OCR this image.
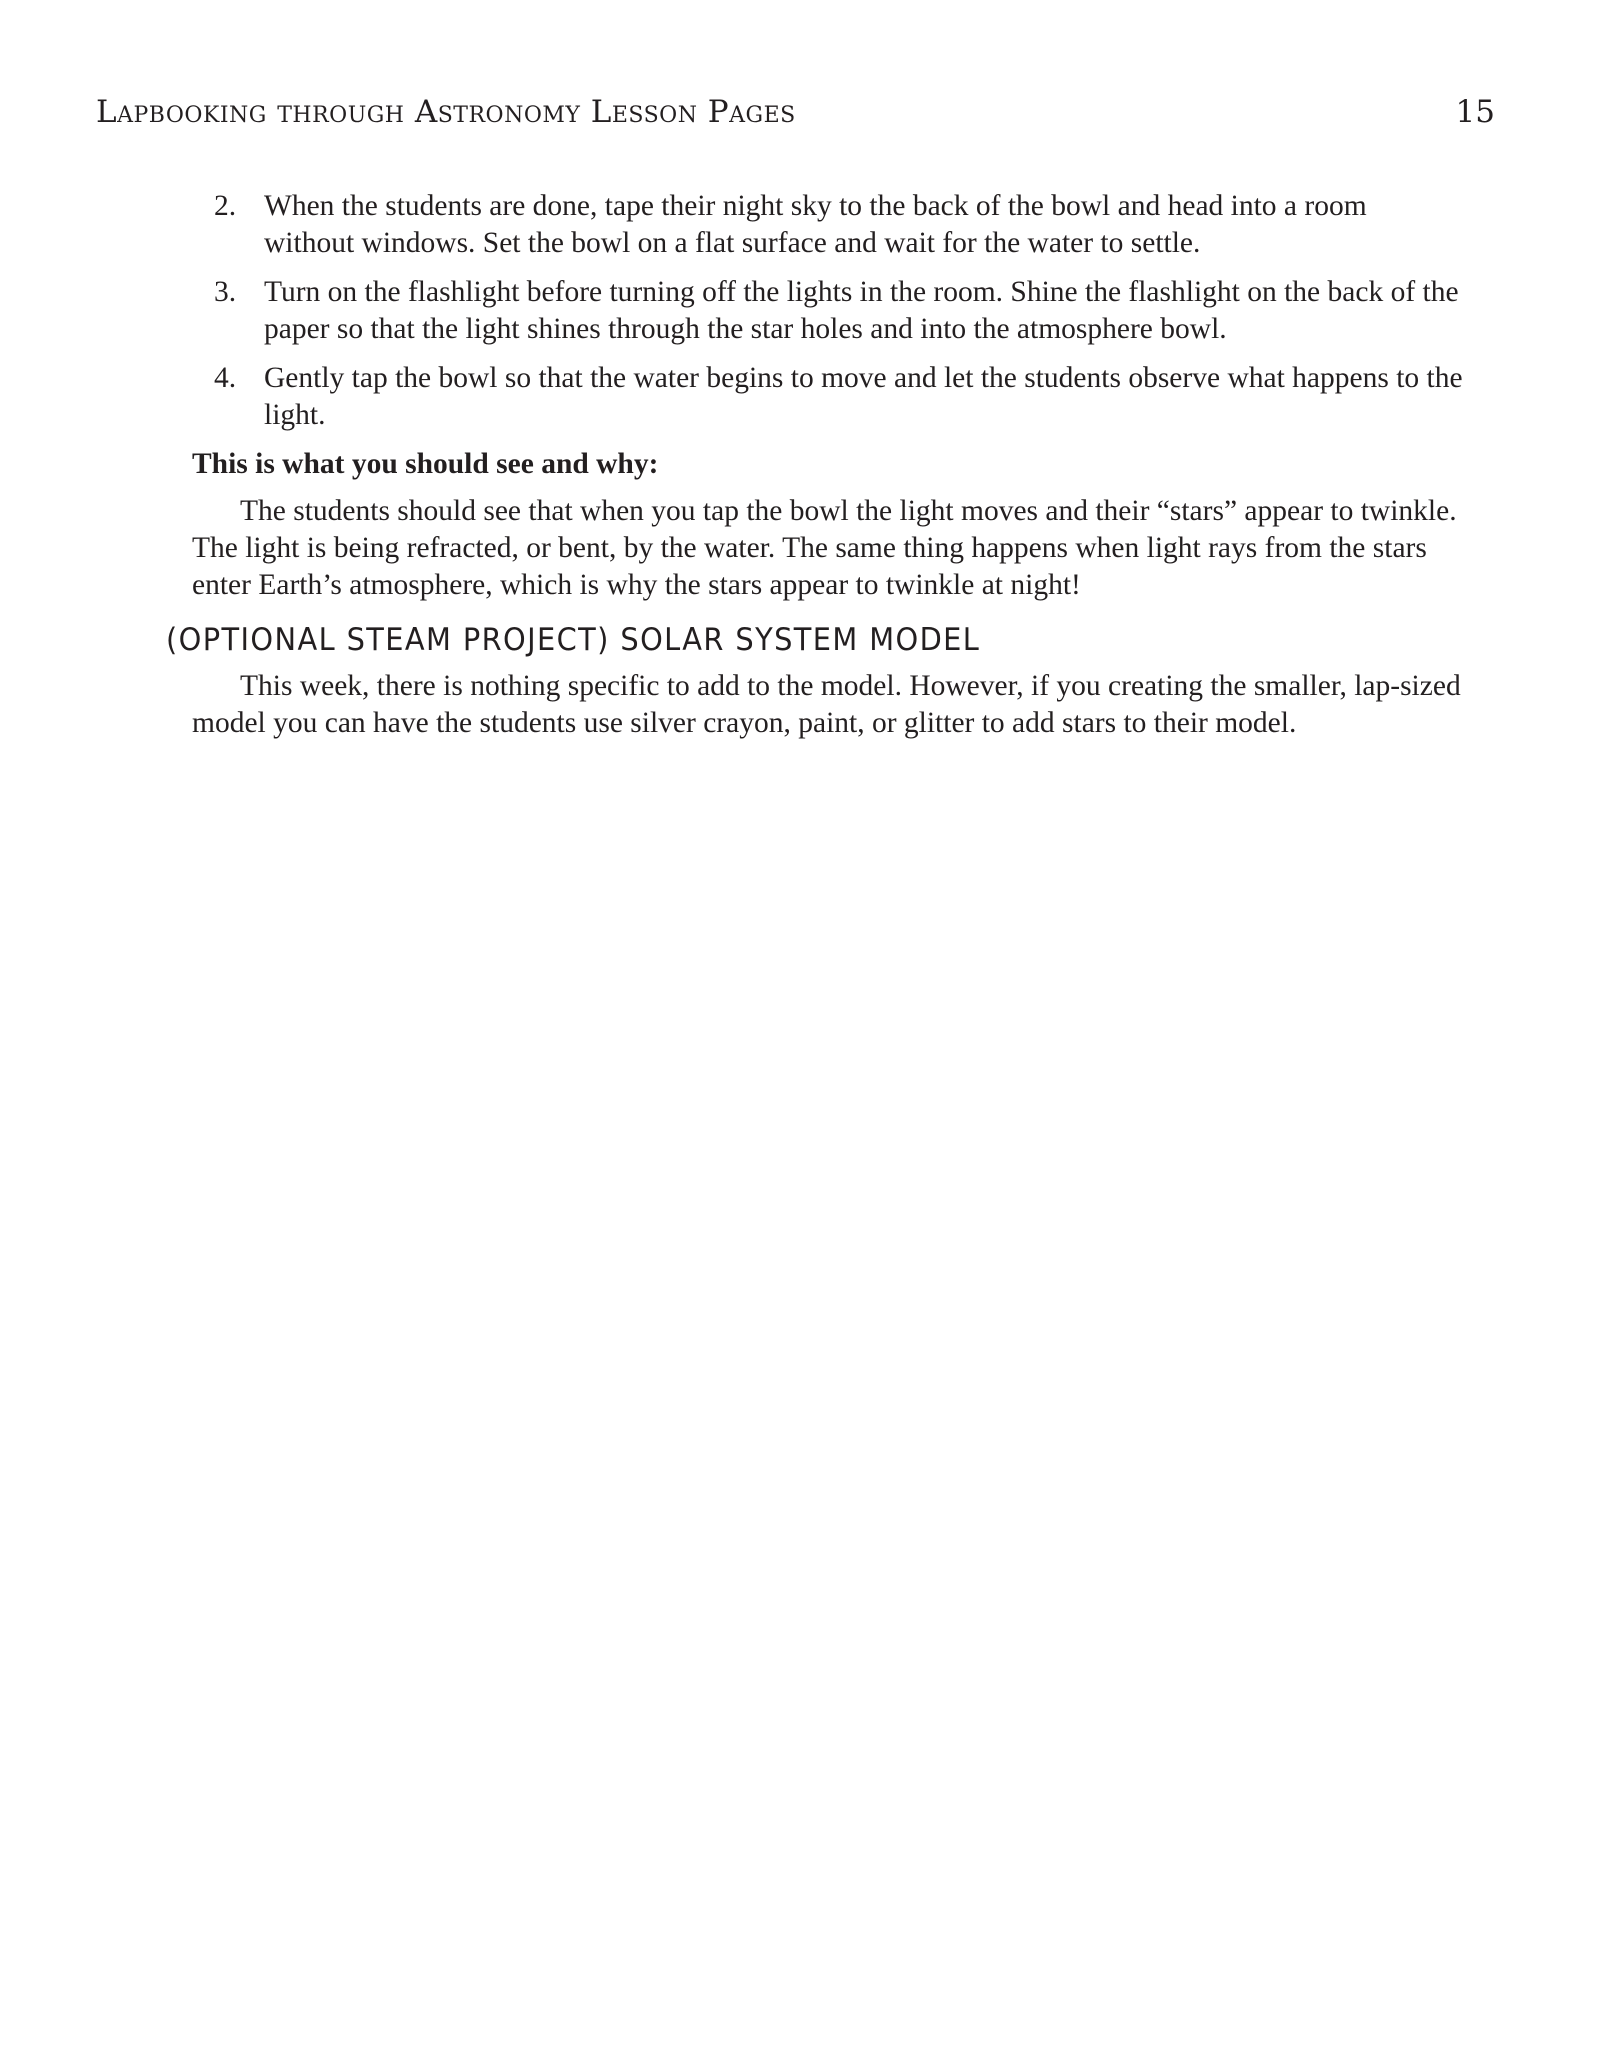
Lapbooking through Astronomy Lesson Pages	15
2. When the students are done, tape their night sky to the back of the bowl and head into a room without windows. Set the bowl on a flat surface and wait for the water to settle.
3. Turn on the flashlight before turning off the lights in the room. Shine the flashlight on the back of the paper so that the light shines through the star holes and into the atmosphere bowl.
4. Gently tap the bowl so that the water begins to move and let the students observe what happens to the light.
This is what you should see and why:

The students should see that when you tap the bowl the light moves and their “stars” appear to twinkle. The light is being refracted, or bent, by the water. The same thing happens when light rays from the stars enter Earth’s atmosphere, which is why the stars appear to twinkle at night!

(OPTIONAL STEAM PROJECT) SOLAR SYSTEM MODEL

This week, there is nothing specific to add to the model. However, if you creating the smaller, lap-sized model you can have the students use silver crayon, paint, or glitter to add stars to their model.
